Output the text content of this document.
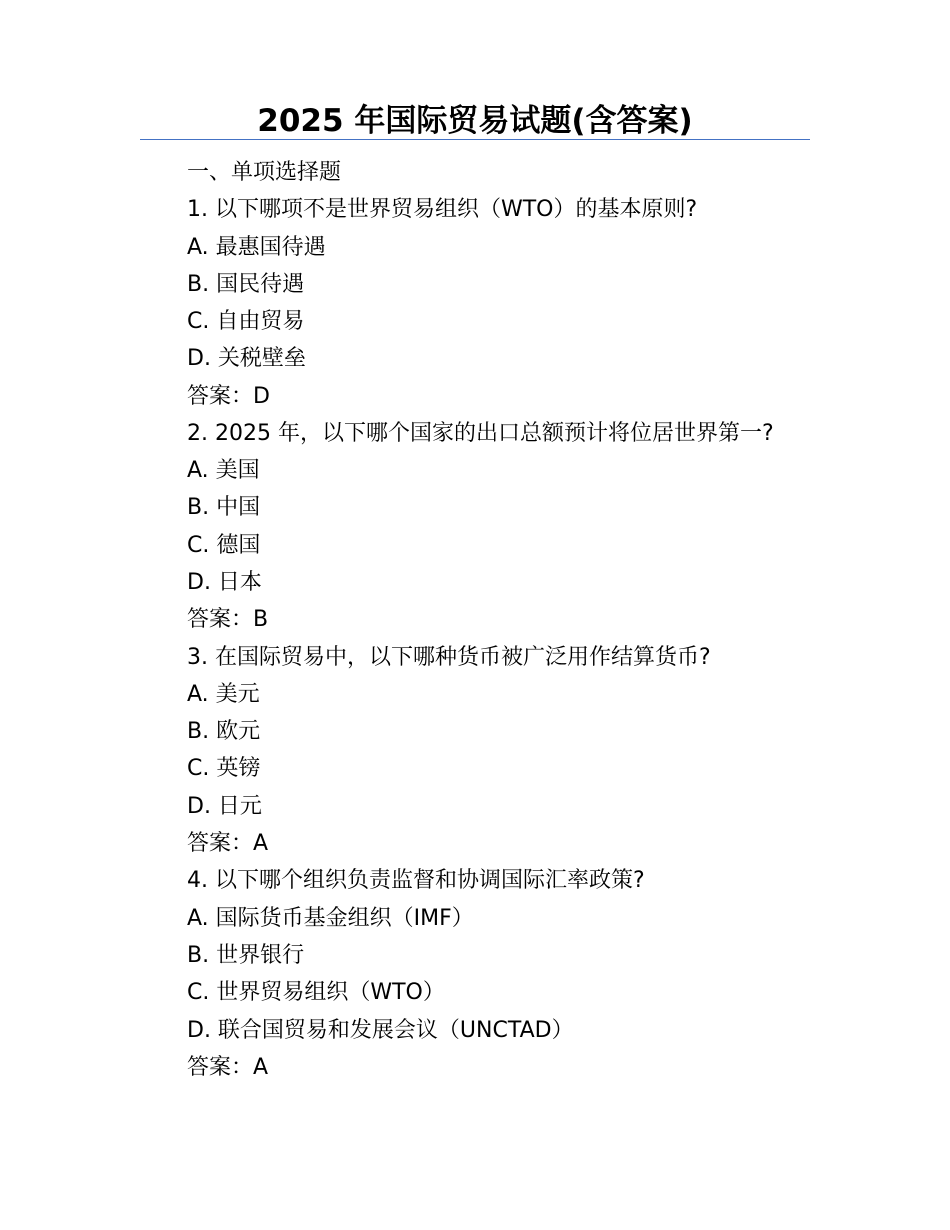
2025 年国际贸易试题(含答案)
一、单项选择题
1. 以下哪项不是世界贸易组织（WTO）的基本原则?
A. 最惠国待遇
B. 国民待遇
C. 自由贸易
D. 关税壁垒
答案：D
2. 2025 年，以下哪个国家的出口总额预计将位居世界第一?
A. 美国
B. 中国
C. 德国
D. 日本
答案：B
3. 在国际贸易中，以下哪种货币被广泛用作结算货币?
A. 美元
B. 欧元
C. 英镑
D. 日元
答案：A
4. 以下哪个组织负责监督和协调国际汇率政策?
A. 国际货币基金组织（IMF）
B. 世界银行
C. 世界贸易组织（WTO）
D. 联合国贸易和发展会议（UNCTAD）
答案：A
